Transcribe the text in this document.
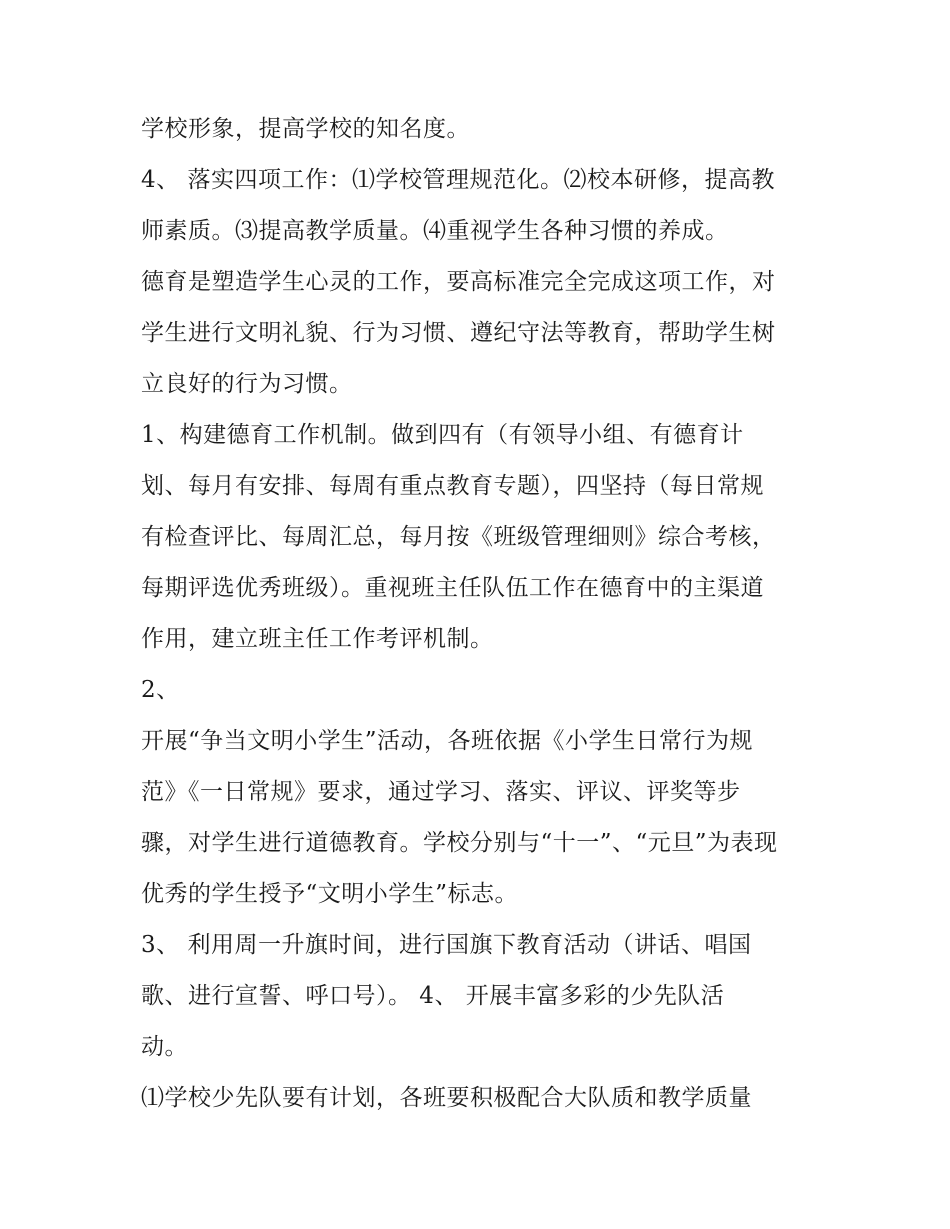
学校形象，提高学校的知名度。
4、 落实四项工作：⑴学校管理规范化。⑵校本研修，提高教
师素质。⑶提高教学质量。⑷重视学生各种习惯的养成。
德育是塑造学生心灵的工作，要高标准完全完成这项工作，对
学生进行文明礼貌、行为习惯、遵纪守法等教育，帮助学生树
立良好的行为习惯。
1、构建德育工作机制。做到四有（有领导小组、有德育计
划、每月有安排、每周有重点教育专题），四坚持（每日常规
有检查评比、每周汇总，每月按《班级管理细则》综合考核，
每期评选优秀班级）。重视班主任队伍工作在德育中的主渠道
作用，建立班主任工作考评机制。
2、
开展“争当文明小学生”活动，各班依据《小学生日常行为规
范》《一日常规》要求，通过学习、落实、评议、评奖等步
骤，对学生进行道德教育。学校分别与“十一”、“元旦”为表现
优秀的学生授予“文明小学生”标志。
3、 利用周一升旗时间，进行国旗下教育活动（讲话、唱国
歌、进行宣誓、呼口号）。 4、 开展丰富多彩的少先队活
动。
⑴学校少先队要有计划，各班要积极配合大队质和教学质量
